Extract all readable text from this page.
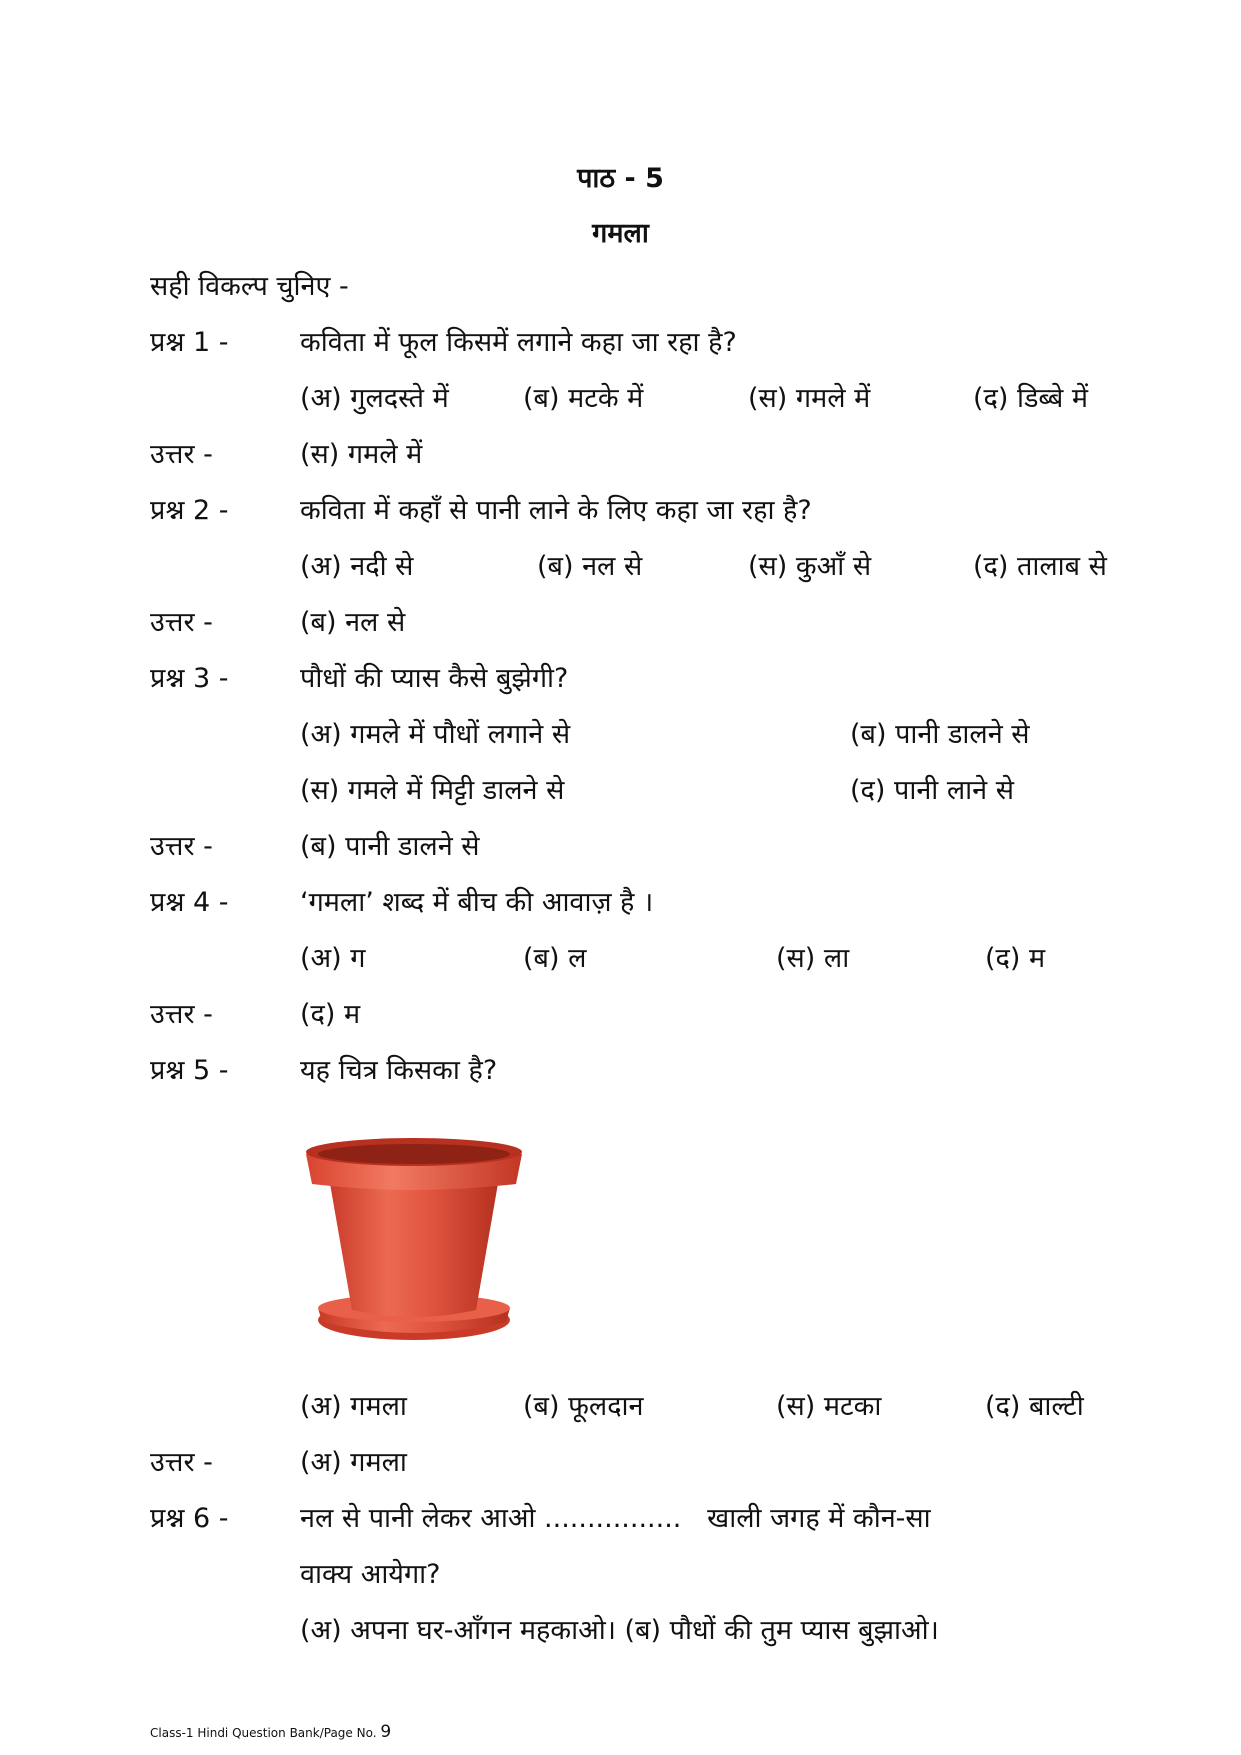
पाठ - 5
गमला
सही विकल्प चुनिए -
प्रश्न 1 -	कविता में फूल किसमें लगाने कहा जा रहा है?
(अ) गुलदस्ते में	(ब) मटके में	(स) गमले में	(द) डिब्बे में
उत्तर -	(स) गमले में
प्रश्न 2 -	कविता में कहाँ से पानी लाने के लिए कहा जा रहा है?
(अ) नदी से	(ब) नल से	(स) कुआँ से	(द) तालाब से
उत्तर -	(ब) नल से
प्रश्न 3 -	पौधों की प्यास कैसे बुझेगी?
(अ) गमले में पौधों लगाने से	(ब) पानी डालने से
(स) गमले में मिट्टी डालने से	(द) पानी लाने से
उत्तर -	(ब) पानी डालने से
प्रश्न 4 -	‘गमला’ शब्द में बीच की आवाज़ है ।
(अ) ग	(ब) ल	(स) ला	(द) म
उत्तर -	(द) म
प्रश्न 5 -	यह चित्र किसका है?
(अ) गमला	(ब) फूलदान	(स) मटका	(द) बाल्टी
उत्तर -	(अ) गमला
प्रश्न 6 -	नल से पानी लेकर आओ ................   खाली जगह में कौन-सा
वाक्य आयेगा?
(अ) अपना घर-आँगन महकाओ। (ब) पौधों की तुम प्यास बुझाओ।
Class-1 Hindi Question Bank/Page No. 9
